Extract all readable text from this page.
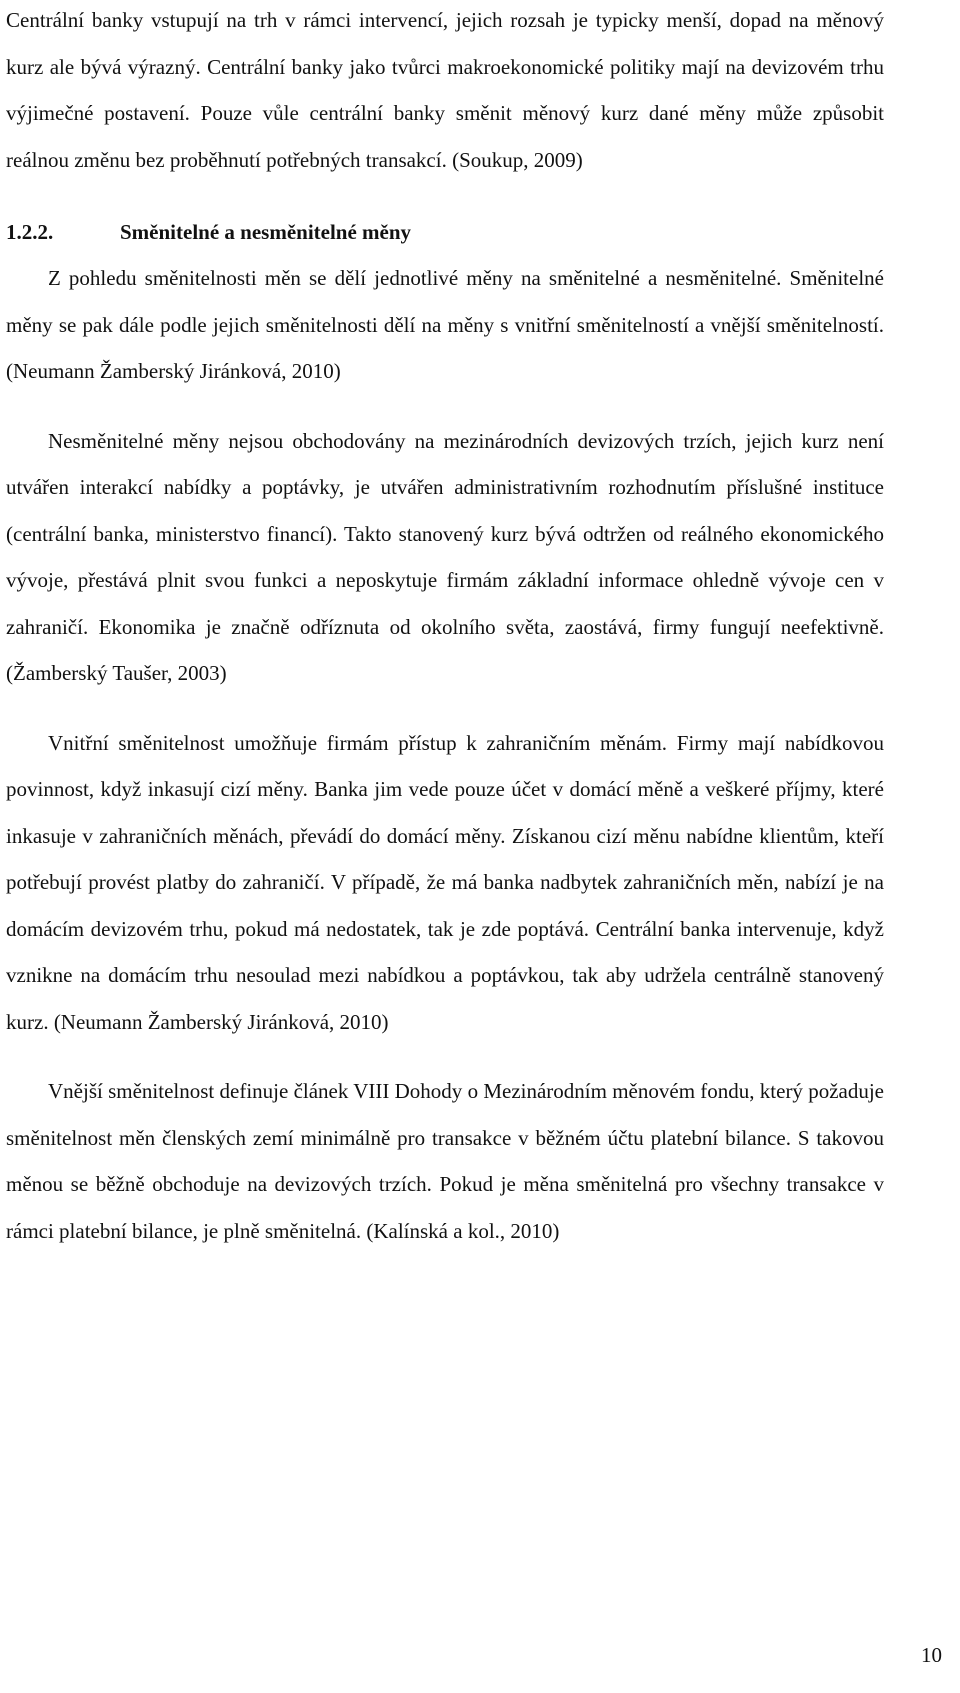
Centrální banky vstupují na trh v rámci intervencí, jejich rozsah je typicky menší, dopad na měnový kurz ale bývá výrazný. Centrální banky jako tvůrci makroekonomické politiky mají na devizovém trhu výjimečné postavení. Pouze vůle centrální banky směnit měnový kurz dané měny může způsobit reálnou změnu bez proběhnutí potřebných transakcí. (Soukup, 2009)

1.2.2.	Směnitelné a nesměnitelné měny

Z pohledu směnitelnosti měn se dělí jednotlivé měny na směnitelné a nesměnitelné. Směnitelné měny se pak dále podle jejich směnitelnosti dělí na měny s vnitřní směnitelností a vnější směnitelností. (Neumann Žamberský Jiránková, 2010)

Nesměnitelné měny nejsou obchodovány na mezinárodních devizových trzích, jejich kurz není utvářen interakcí nabídky a poptávky, je utvářen administrativním rozhodnutím příslušné instituce (centrální banka, ministerstvo financí). Takto stanovený kurz bývá odtržen od reálného ekonomického vývoje, přestává plnit svou funkci a neposkytuje firmám základní informace ohledně vývoje cen v zahraničí. Ekonomika je značně odříznuta od okolního světa, zaostává, firmy fungují neefektivně. (Žamberský Taušer, 2003)

Vnitřní směnitelnost umožňuje firmám přístup k zahraničním měnám. Firmy mají nabídkovou povinnost, když inkasují cizí měny. Banka jim vede pouze účet v domácí měně a veškeré příjmy, které inkasuje v zahraničních měnách, převádí do domácí měny. Získanou cizí měnu nabídne klientům, kteří potřebují provést platby do zahraničí. V případě, že má banka nadbytek zahraničních měn, nabízí je na domácím devizovém trhu, pokud má nedostatek, tak je zde poptává. Centrální banka intervenuje, když vznikne na domácím trhu nesoulad mezi nabídkou a poptávkou, tak aby udržela centrálně stanovený kurz. (Neumann Žamberský Jiránková, 2010)

Vnější směnitelnost definuje článek VIII Dohody o Mezinárodním měnovém fondu, který požaduje směnitelnost měn členských zemí minimálně pro transakce v běžném účtu platební bilance. S takovou měnou se běžně obchoduje na devizových trzích. Pokud je měna směnitelná pro všechny transakce v rámci platební bilance, je plně směnitelná. (Kalínská a kol., 2010)

10
